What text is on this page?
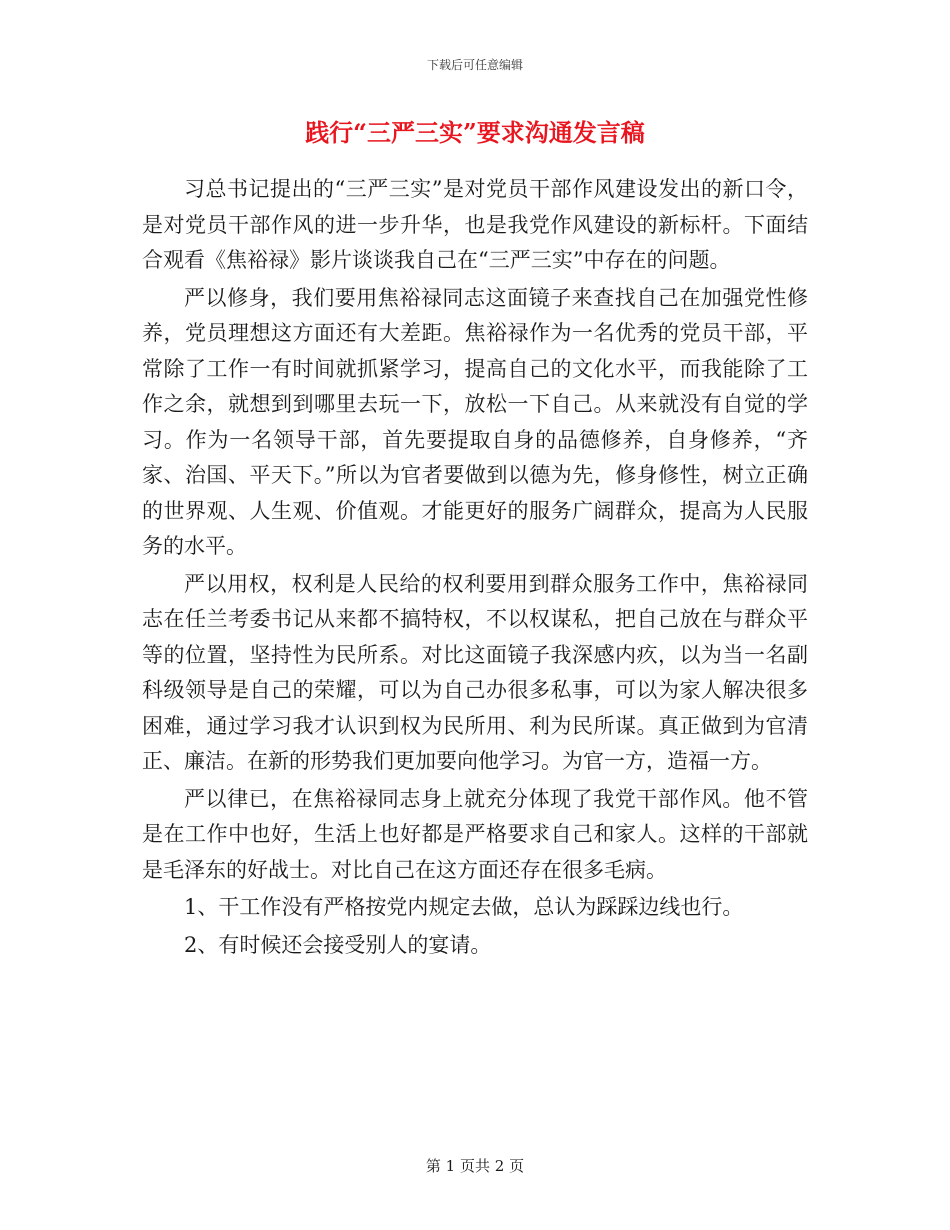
下载后可任意编辑
践行“三严三实”要求沟通发言稿

习总书记提出的“三严三实”是对党员干部作风建设发出的新口令，是对党员干部作风的进一步升华，也是我党作风建设的新标杆。下面结合观看《焦裕禄》影片谈谈我自己在“三严三实”中存在的问题。

严以修身，我们要用焦裕禄同志这面镜子来查找自己在加强党性修养，党员理想这方面还有大差距。焦裕禄作为一名优秀的党员干部，平常除了工作一有时间就抓紧学习，提高自己的文化水平，而我能除了工作之余，就想到到哪里去玩一下，放松一下自己。从来就没有自觉的学习。作为一名领导干部，首先要提取自身的品德修养，自身修养，“齐家、治国、平天下。”所以为官者要做到以德为先，修身修性，树立正确的世界观、人生观、价值观。才能更好的服务广阔群众，提高为人民服务的水平。

严以用权，权利是人民给的权利要用到群众服务工作中，焦裕禄同志在任兰考委书记从来都不搞特权，不以权谋私，把自己放在与群众平等的位置，坚持性为民所系。对比这面镜子我深感内疚，以为当一名副科级领导是自己的荣耀，可以为自己办很多私事，可以为家人解决很多困难，通过学习我才认识到权为民所用、利为民所谋。真正做到为官清正、廉洁。在新的形势我们更加要向他学习。为官一方，造福一方。

严以律已，在焦裕禄同志身上就充分体现了我党干部作风。他不管是在工作中也好，生活上也好都是严格要求自己和家人。这样的干部就是毛泽东的好战士。对比自己在这方面还存在很多毛病。

1、干工作没有严格按党内规定去做，总认为踩踩边线也行。

2、有时候还会接受别人的宴请。

第 1 页共 2 页
